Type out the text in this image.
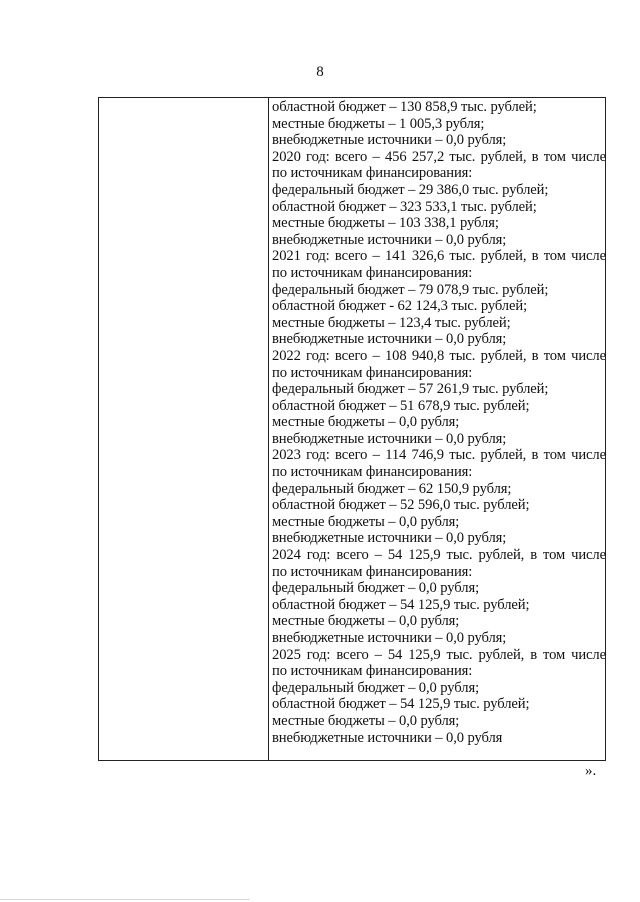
8
областной бюджет – 130 858,9 тыс. рублей;
местные бюджеты – 1 005,3 рубля;
внебюджетные источники – 0,0 рубля;
2020 год: всего – 456 257,2 тыс. рублей, в том числе
по источникам финансирования:
федеральный бюджет – 29 386,0 тыс. рублей;
областной бюджет – 323 533,1 тыс. рублей;
местные бюджеты – 103 338,1 рубля;
внебюджетные источники – 0,0 рубля;
2021 год: всего – 141 326,6 тыс. рублей, в том числе
по источникам финансирования:
федеральный бюджет – 79 078,9 тыс. рублей;
областной бюджет - 62 124,3 тыс. рублей;
местные бюджеты – 123,4 тыс. рублей;
внебюджетные источники – 0,0 рубля;
2022 год: всего – 108 940,8 тыс. рублей, в том числе
по источникам финансирования:
федеральный бюджет – 57 261,9 тыс. рублей;
областной бюджет – 51 678,9 тыс. рублей;
местные бюджеты – 0,0 рубля;
внебюджетные источники – 0,0 рубля;
2023 год: всего – 114 746,9 тыс. рублей, в том числе
по источникам финансирования:
федеральный бюджет – 62 150,9 рубля;
областной бюджет – 52 596,0 тыс. рублей;
местные бюджеты – 0,0 рубля;
внебюджетные источники – 0,0 рубля;
2024 год: всего – 54 125,9 тыс. рублей, в том числе
по источникам финансирования:
федеральный бюджет – 0,0 рубля;
областной бюджет – 54 125,9 тыс. рублей;
местные бюджеты – 0,0 рубля;
внебюджетные источники – 0,0 рубля;
2025 год: всего – 54 125,9 тыс. рублей, в том числе
по источникам финансирования:
федеральный бюджет – 0,0 рубля;
областной бюджет – 54 125,9 тыс. рублей;
местные бюджеты – 0,0 рубля;
внебюджетные источники – 0,0 рубля
».
